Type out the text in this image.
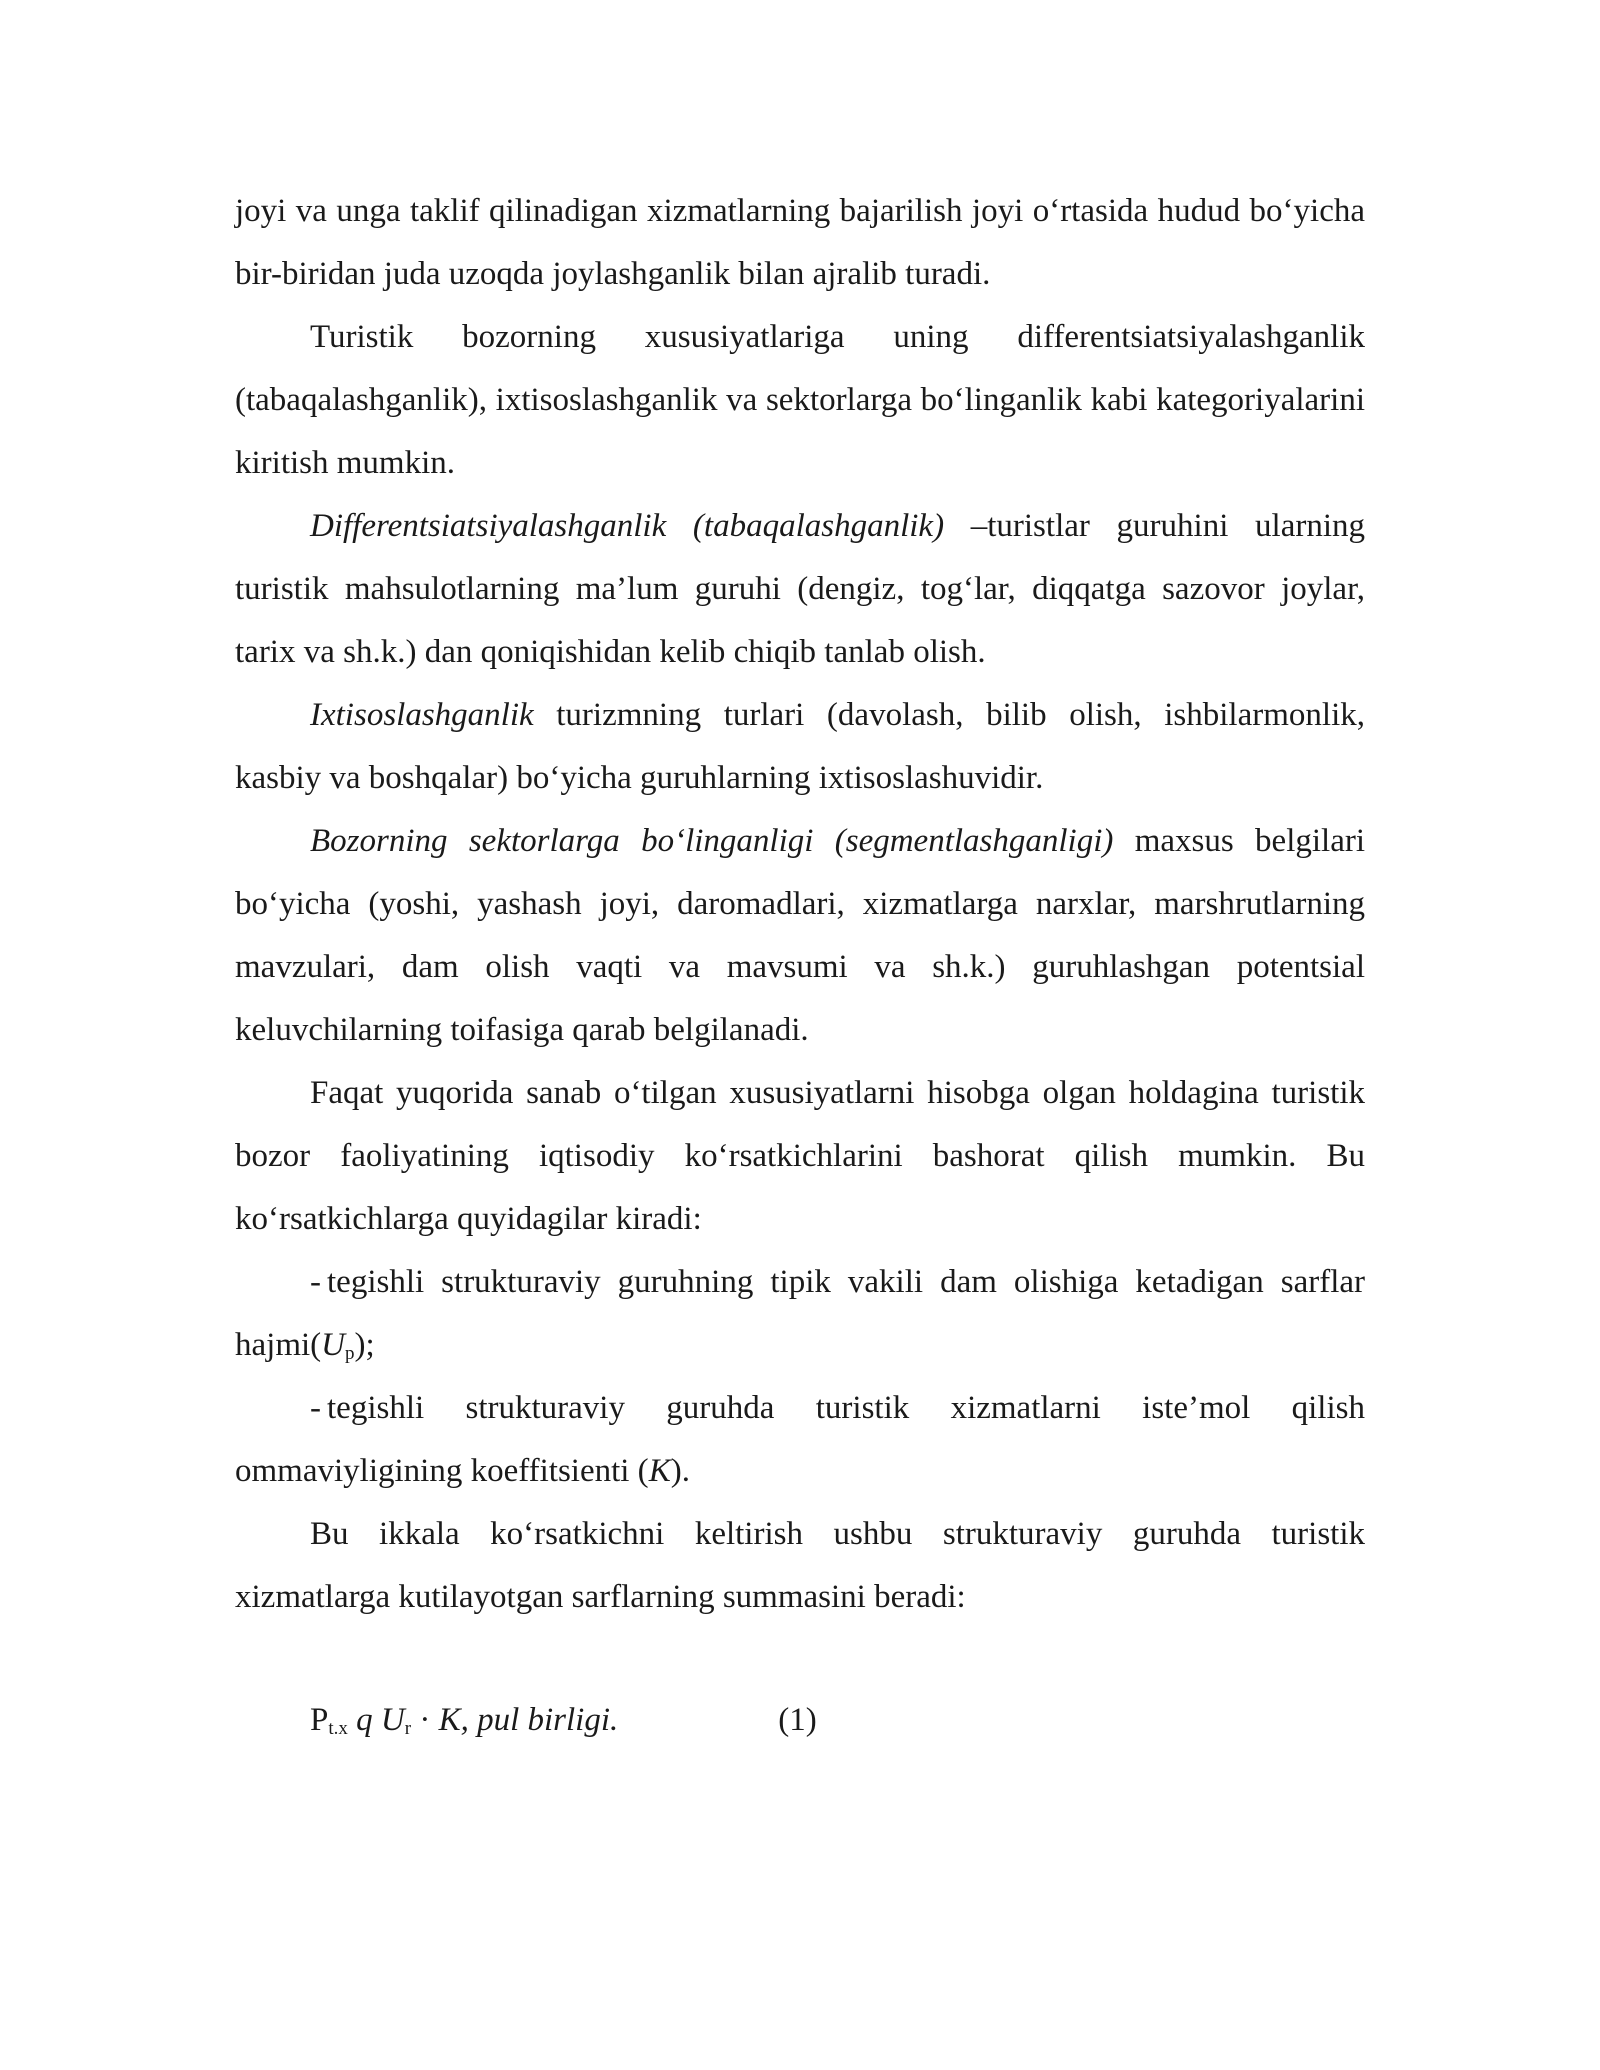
joyi va unga taklif qilinadigan xizmatlarning bajarilish joyi o‘rtasida hudud bo‘yicha bir-biridan juda uzoqda joylashganlik bilan ajralib turadi.

Turistik bozorning xususiyatlariga uning differentsiatsiyalashganlik (tabaqalashganlik), ixtisoslashganlik va sektorlarga bo‘linganlik kabi kategoriyalarini kiritish mumkin.

Differentsiatsiyalashganlik (tabaqalashganlik) –turistlar guruhini ularning turistik mahsulotlarning ma’lum guruhi (dengiz, tog‘lar, diqqatga sazovor joylar, tarix va sh.k.) dan qoniqishidan kelib chiqib tanlab olish.

Ixtisoslashganlik turizmning turlari (davolash, bilib olish, ishbilarmonlik, kasbiy va boshqalar) bo‘yicha guruhlarning ixtisoslashuvidir.

Bozorning sektorlarga bo‘linganligi (segmentlashganligi) maxsus belgilari bo‘yicha (yoshi, yashash joyi, daromadlari, xizmatlarga narxlar, marshrutlarning mavzulari, dam olish vaqti va mavsumi va sh.k.) guruhlashgan potentsial keluvchilarning toifasiga qarab belgilanadi.

Faqat yuqorida sanab o‘tilgan xususiyatlarni hisobga olgan holdagina turistik bozor faoliyatining iqtisodiy ko‘rsatkichlarini bashorat qilish mumkin. Bu ko‘rsatkichlarga quyidagilar kiradi:

- tegishli strukturaviy guruhning tipik vakili dam olishiga ketadigan sarflar $hajmi(U_p)$;

- tegishli strukturaviy guruhda turistik xizmatlarni iste’mol qilish ommaviyligining koeffitsienti (K).

Bu ikkala ko‘rsatkichni keltirish ushbu strukturaviy guruhda turistik xizmatlarga kutilayotgan sarflarning summasini beradi:

$P_{t.x}$ q $U_r \cdot K$, pul birligi.	(1)
